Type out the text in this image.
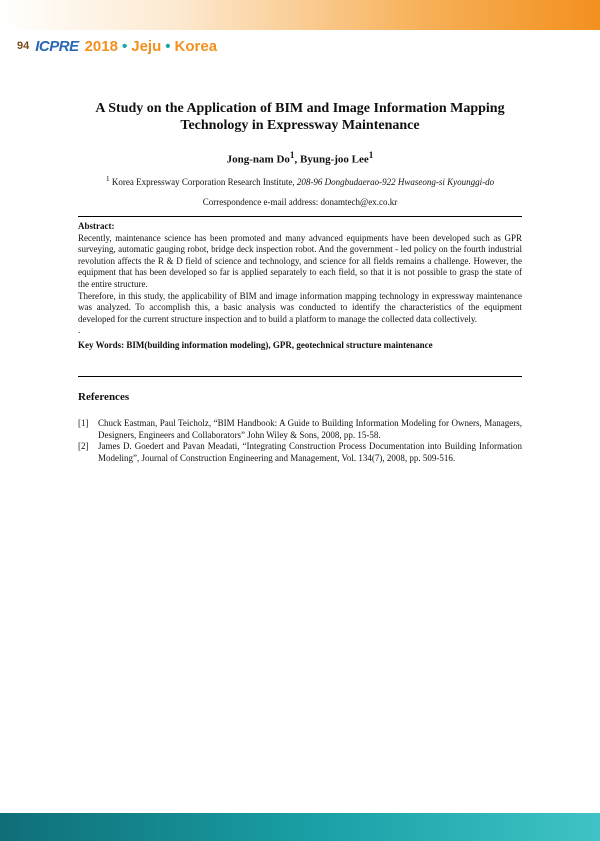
94 ICPRE 2018 • Jeju • Korea
A Study on the Application of BIM and Image Information Mapping
Technology in Expressway Maintenance
Jong-nam Do$^1$, Byung-joo Lee$^1$
$^1$ Korea Expressway Corporation Research Institute, 208-96 Dongbudaerao-922 Hwaseong-si Kyounggi-do
Correspondence e-mail address: donamtech@ex.co.kr
Abstract:

Recently, maintenance science has been promoted and many advanced equipments have been developed such as GPR surveying, automatic gauging robot, bridge deck inspection robot. And the government - led policy on the fourth industrial revolution affects the R & D field of science and technology, and science for all fields remains a challenge. However, the equipment that has been developed so far is applied separately to each field, so that it is not possible to grasp the state of the entire structure.

Therefore, in this study, the applicability of BIM and image information mapping technology in expressway maintenance was analyzed. To accomplish this, a basic analysis was conducted to identify the characteristics of the equipment developed for the current structure inspection and to build a platform to manage the collected data collectively.

.

Key Words: BIM(building information modeling), GPR, geotechnical structure maintenance
References
[1]	Chuck Eastman, Paul Teicholz, “BIM Handbook: A Guide to Building Information Modeling for Owners, Managers, Designers, Engineers and Collaborators” John Wiley & Sons, 2008, pp. 15-58.
[2]	James D. Goedert and Pavan Meadati, “Integrating Construction Process Documentation into Building Information Modeling”, Journal of Construction Engineering and Management, Vol. 134(7), 2008, pp. 509-516.
